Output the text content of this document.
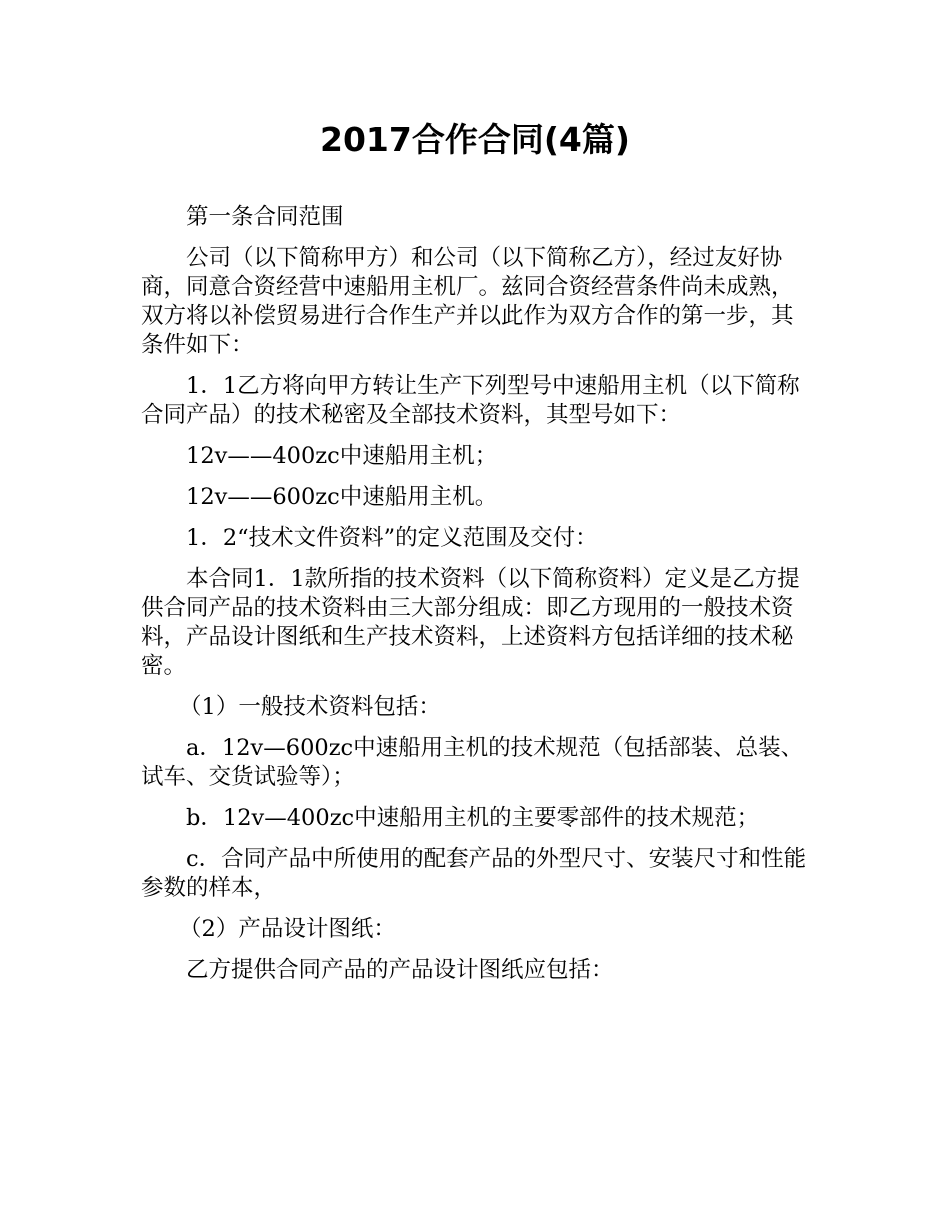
2017合作合同(4篇)

第一条合同范围

公司（以下简称甲方）和公司（以下简称乙方），经过友好协商，同意合资经营中速船用主机厂。兹同合资经营条件尚未成熟，双方将以补偿贸易进行合作生产并以此作为双方合作的第一步，其条件如下：

1．1乙方将向甲方转让生产下列型号中速船用主机（以下简称合同产品）的技术秘密及全部技术资料，其型号如下：

12v——400zc中速船用主机；

12v——600zc中速船用主机。

1．2“技术文件资料”的定义范围及交付：

本合同1．1款所指的技术资料（以下简称资料）定义是乙方提供合同产品的技术资料由三大部分组成：即乙方现用的一般技术资料，产品设计图纸和生产技术资料，上述资料方包括详细的技术秘密。

（1）一般技术资料包括：

a．12v—600zc中速船用主机的技术规范（包括部装、总装、试车、交货试验等）；

b．12v—400zc中速船用主机的主要零部件的技术规范；

c．合同产品中所使用的配套产品的外型尺寸、安装尺寸和性能参数的样本，

（2）产品设计图纸：

乙方提供合同产品的产品设计图纸应包括：
